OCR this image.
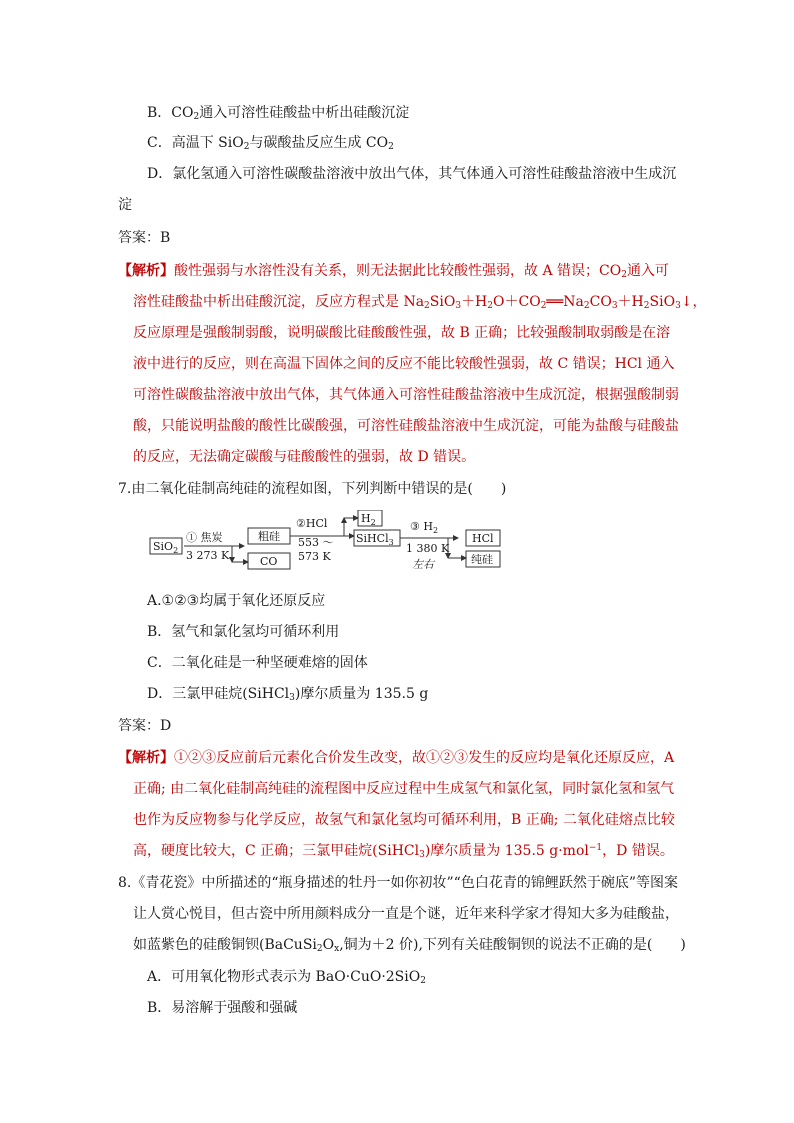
B．$CO_2$通入可溶性硅酸盐中析出硅酸沉淀
C．高温下 SiO$_2$与碳酸盐反应生成 $CO_2$
D．氯化氢通入可溶性碳酸盐溶液中放出气体，其气体通入可溶性硅酸盐溶液中生成沉
淀
答案：B
【解析】酸性强弱与水溶性没有关系，则无法据此比较酸性强弱，故 A 错误；$CO_2$通入可
溶性硅酸盐中析出硅酸沉淀，反应方程式是 $Na_2SiO_3+H_2O+CO_2══Na_2CO_3+H_2SiO_3↓$，
反应原理是强酸制弱酸，说明碳酸比硅酸酸性强，故 B 正确；比较强酸制取弱酸是在溶
液中进行的反应，则在高温下固体之间的反应不能比较酸性强弱，故 C 错误；HCl 通入
可溶性碳酸盐溶液中放出气体，其气体通入可溶性硅酸盐溶液中生成沉淀，根据强酸制弱
酸，只能说明盐酸的酸性比碳酸强，可溶性硅酸盐溶液中生成沉淀，可能为盐酸与硅酸盐
的反应，无法确定碳酸与硅酸酸性的强弱，故 D 错误。
7.由二氧化硅制高纯硅的流程如图，下列判断中错误的是(　　)
SiO$_2$
① 焦炭
3 273 K
粗硅
CO
②HCl
553 ～
573 K
$H_2$
SiHCl$_3$
③ $H_2$
1 380 K
左右
HCl
纯硅
A.①②③均属于氧化还原反应
B．氢气和氯化氢均可循环利用
C．二氧化硅是一种坚硬难熔的固体
D．三氯甲硅烷(SiHCl$_3$)摩尔质量为 135.5 g
答案：D
【解析】①②③反应前后元素化合价发生改变，故①②③发生的反应均是氧化还原反应，A
正确; 由二氧化硅制高纯硅的流程图中反应过程中生成氢气和氯化氢，同时氯化氢和氢气
也作为反应物参与化学反应，故氢气和氯化氢均可循环利用，B 正确; 二氧化硅熔点比较
高，硬度比较大，C 正确；三氯甲硅烷(SiHCl$_3$)摩尔质量为 135.5 g·mol$^{-1}$，D 错误。
8.《青花瓷》中所描述的“瓶身描述的牡丹一如你初妆”“色白花青的锦鲤跃然于碗底”等图案
让人赏心悦目，但古瓷中所用颜料成分一直是个谜，近年来科学家才得知大多为硅酸盐，
如蓝紫色的硅酸铜钡($BaCuSi_2O_x$,铜为＋2 价),下列有关硅酸铜钡的说法不正确的是(　　)
A．可用氧化物形式表示为 BaO·CuO·2SiO$_2$
B．易溶解于强酸和强碱
